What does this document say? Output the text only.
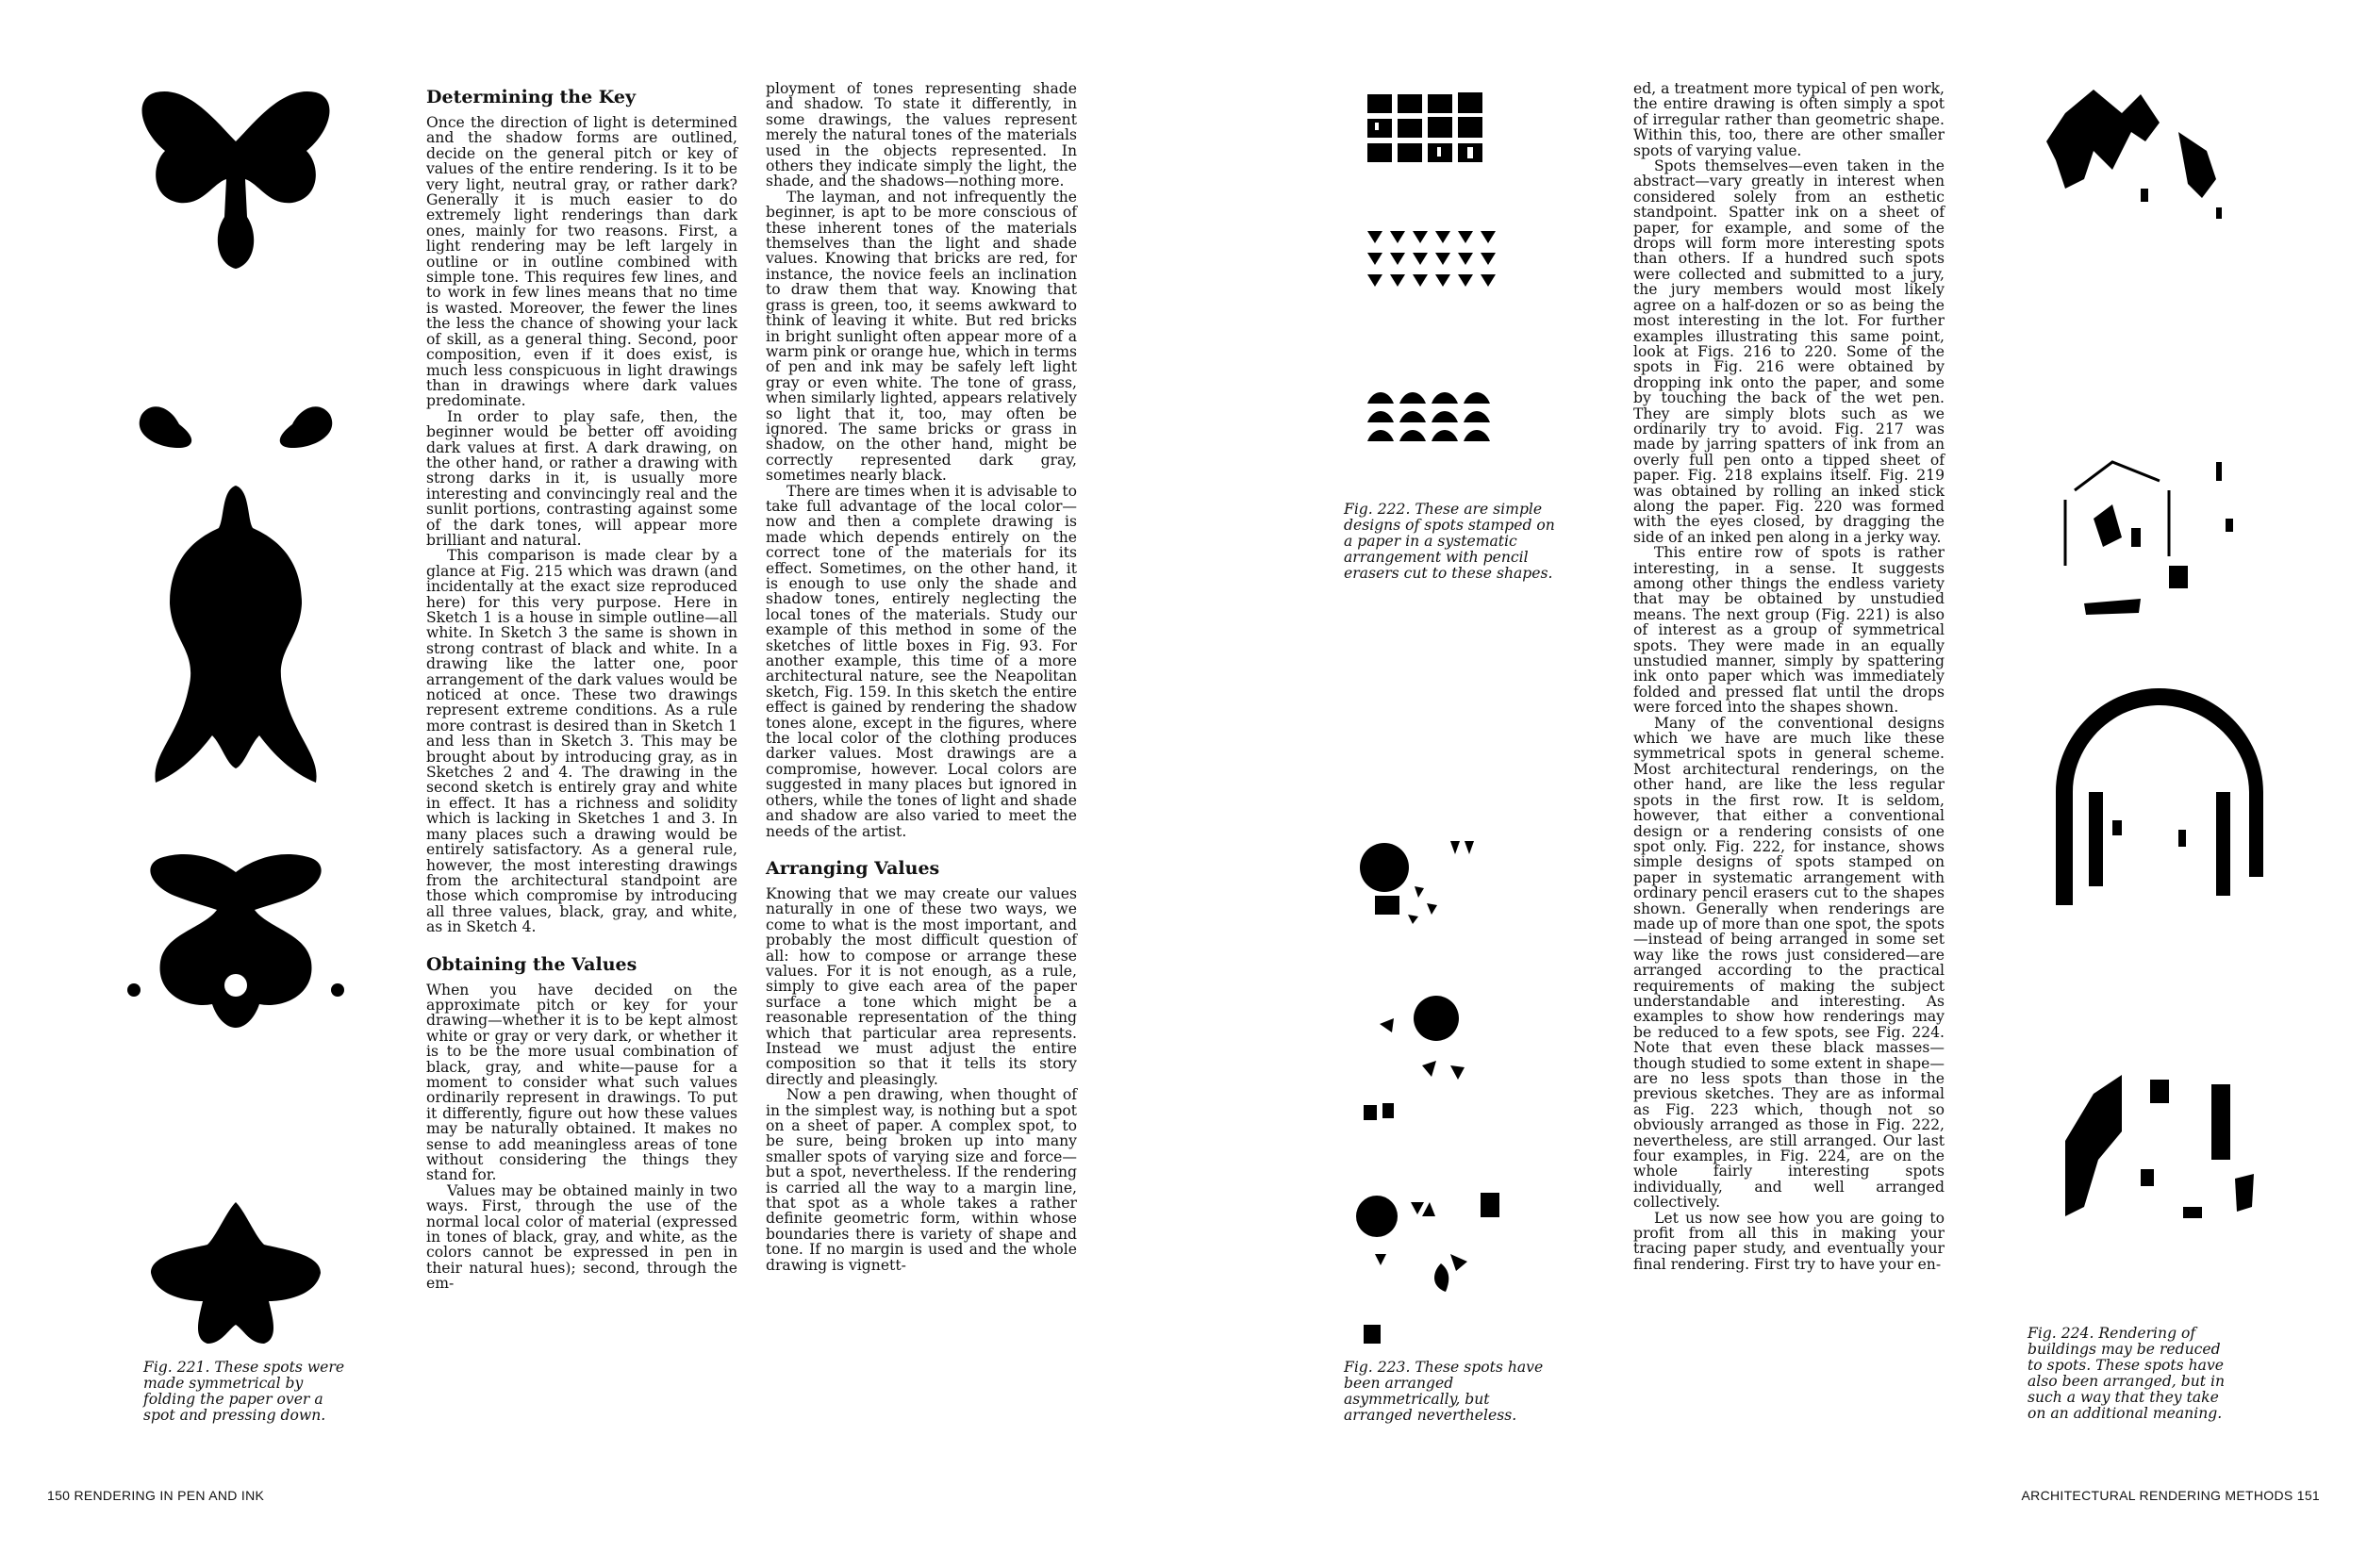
Fig. 221. These spots were made symmetrical by folding the paper over a spot and pressing down.
Determining the Key

Once the direction of light is determined and the shadow forms are outlined, decide on the general pitch or key of values of the entire rendering. Is it to be very light, neutral gray, or rather dark? Generally it is much easier to do extremely light renderings than dark ones, mainly for two reasons. First, a light rendering may be left largely in outline or in outline combined with simple tone. This requires few lines, and to work in few lines means that no time is wasted. Moreover, the fewer the lines the less the chance of showing your lack of skill, as a general thing. Second, poor composition, even if it does exist, is much less conspicuous in light drawings than in drawings where dark values predominate.

In order to play safe, then, the beginner would be better off avoiding dark values at first. A dark drawing, on the other hand, or rather a drawing with strong darks in it, is usually more interesting and convincingly real and the sunlit portions, contrasting against some of the dark tones, will appear more brilliant and natural.

This comparison is made clear by a glance at Fig. 215 which was drawn (and incidentally at the exact size reproduced here) for this very purpose. Here in Sketch 1 is a house in simple outline—all white. In Sketch 3 the same is shown in strong contrast of black and white. In a drawing like the latter one, poor arrangement of the dark values would be noticed at once. These two drawings represent extreme conditions. As a rule more contrast is desired than in Sketch 1 and less than in Sketch 3. This may be brought about by introducing gray, as in Sketches 2 and 4. The drawing in the second sketch is entirely gray and white in effect. It has a richness and solidity which is lacking in Sketches 1 and 3. In many places such a drawing would be entirely satisfactory. As a general rule, however, the most interesting drawings from the architectural standpoint are those which compromise by introducing all three values, black, gray, and white, as in Sketch 4.

Obtaining the Values

When you have decided on the approximate pitch or key for your drawing—whether it is to be kept almost white or gray or very dark, or whether it is to be the more usual combination of black, gray, and white—pause for a moment to consider what such values ordinarily represent in drawings. To put it differently, figure out how these values may be naturally obtained. It makes no sense to add meaningless areas of tone without considering the things they stand for.

Values may be obtained mainly in two ways. First, through the use of the normal local color of material (expressed in tones of black, gray, and white, as the colors cannot be expressed in pen in their natural hues); second, through the em-

ployment of tones representing shade and shadow. To state it differently, in some drawings, the values represent merely the natural tones of the materials used in the objects represented. In others they indicate simply the light, the shade, and the shadows—nothing more.

The layman, and not infrequently the beginner, is apt to be more conscious of these inherent tones of the materials themselves than the light and shade values. Knowing that bricks are red, for instance, the novice feels an inclination to draw them that way. Knowing that grass is green, too, it seems awkward to think of leaving it white. But red bricks in bright sunlight often appear more of a warm pink or orange hue, which in terms of pen and ink may be safely left light gray or even white. The tone of grass, when similarly lighted, appears relatively so light that it, too, may often be ignored. The same bricks or grass in shadow, on the other hand, might be correctly represented dark gray, sometimes nearly black.

There are times when it is advisable to take full advantage of the local color—now and then a complete drawing is made which depends entirely on the correct tone of the materials for its effect. Sometimes, on the other hand, it is enough to use only the shade and shadow tones, entirely neglecting the local tones of the materials. Study our example of this method in some of the sketches of little boxes in Fig. 93. For another example, this time of a more architectural nature, see the Neapolitan sketch, Fig. 159. In this sketch the entire effect is gained by rendering the shadow tones alone, except in the figures, where the local color of the clothing produces darker values. Most drawings are a compromise, however. Local colors are suggested in many places but ignored in others, while the tones of light and shade and shadow are also varied to meet the needs of the artist.

Arranging Values

Knowing that we may create our values naturally in one of these two ways, we come to what is the most important, and probably the most difficult question of all: how to compose or arrange these values. For it is not enough, as a rule, simply to give each area of the paper surface a tone which might be a reasonable representation of the thing which that particular area represents. Instead we must adjust the entire composition so that it tells its story directly and pleasingly.

Now a pen drawing, when thought of in the simplest way, is nothing but a spot on a sheet of paper. A complex spot, to be sure, being broken up into many smaller spots of varying size and force—but a spot, nevertheless. If the rendering is carried all the way to a margin line, that spot as a whole takes a rather definite geometric form, within whose boundaries there is variety of shape and tone. If no margin is used and the whole drawing is vignett-

150 RENDERING IN PEN AND INK
Fig. 222. These are simple designs of spots stamped on a paper in a systematic arrangement with pencil erasers cut to these shapes.
Fig. 223. These spots have been arranged asymmetrically, but arranged nevertheless.

ed, a treatment more typical of pen work, the entire drawing is often simply a spot of irregular rather than geometric shape. Within this, too, there are other smaller spots of varying value.

Spots themselves—even taken in the abstract—vary greatly in interest when considered solely from an esthetic standpoint. Spatter ink on a sheet of paper, for example, and some of the drops will form more interesting spots than others. If a hundred such spots were collected and submitted to a jury, the jury members would most likely agree on a half-dozen or so as being the most interesting in the lot. For further examples illustrating this same point, look at Figs. 216 to 220. Some of the spots in Fig. 216 were obtained by dropping ink onto the paper, and some by touching the back of the wet pen. They are simply blots such as we ordinarily try to avoid. Fig. 217 was made by jarring spatters of ink from an overly full pen onto a tipped sheet of paper. Fig. 218 explains itself. Fig. 219 was obtained by rolling an inked stick along the paper. Fig. 220 was formed with the eyes closed, by dragging the side of an inked pen along in a jerky way.

This entire row of spots is rather interesting, in a sense. It suggests among other things the endless variety that may be obtained by unstudied means. The next group (Fig. 221) is also of interest as a group of symmetrical spots. They were made in an equally unstudied manner, simply by spattering ink onto paper which was immediately folded and pressed flat until the drops were forced into the shapes shown.

Many of the conventional designs which we have are much like these symmetrical spots in general scheme. Most architectural renderings, on the other hand, are like the less regular spots in the first row. It is seldom, however, that either a conventional design or a rendering consists of one spot only. Fig. 222, for instance, shows simple designs of spots stamped on paper in systematic arrangement with ordinary pencil erasers cut to the shapes shown. Generally when renderings are made up of more than one spot, the spots—instead of being arranged in some set way like the rows just considered—are arranged according to the practical requirements of making the subject understandable and interesting. As examples to show how renderings may be reduced to a few spots, see Fig. 224. Note that even these black masses—though studied to some extent in shape—are no less spots than those in the previous sketches. They are as informal as Fig. 223 which, though not so obviously arranged as those in Fig. 222, nevertheless, are still arranged. Our last four examples, in Fig. 224, are on the whole fairly interesting spots individually, and well arranged collectively.

Let us now see how you are going to profit from all this in making your tracing paper study, and eventually your final rendering. First try to have your en-

Fig. 224. Rendering of buildings may be reduced to spots. These spots have also been arranged, but in such a way that they take on an additional meaning.
ARCHITECTURAL RENDERING METHODS 151
